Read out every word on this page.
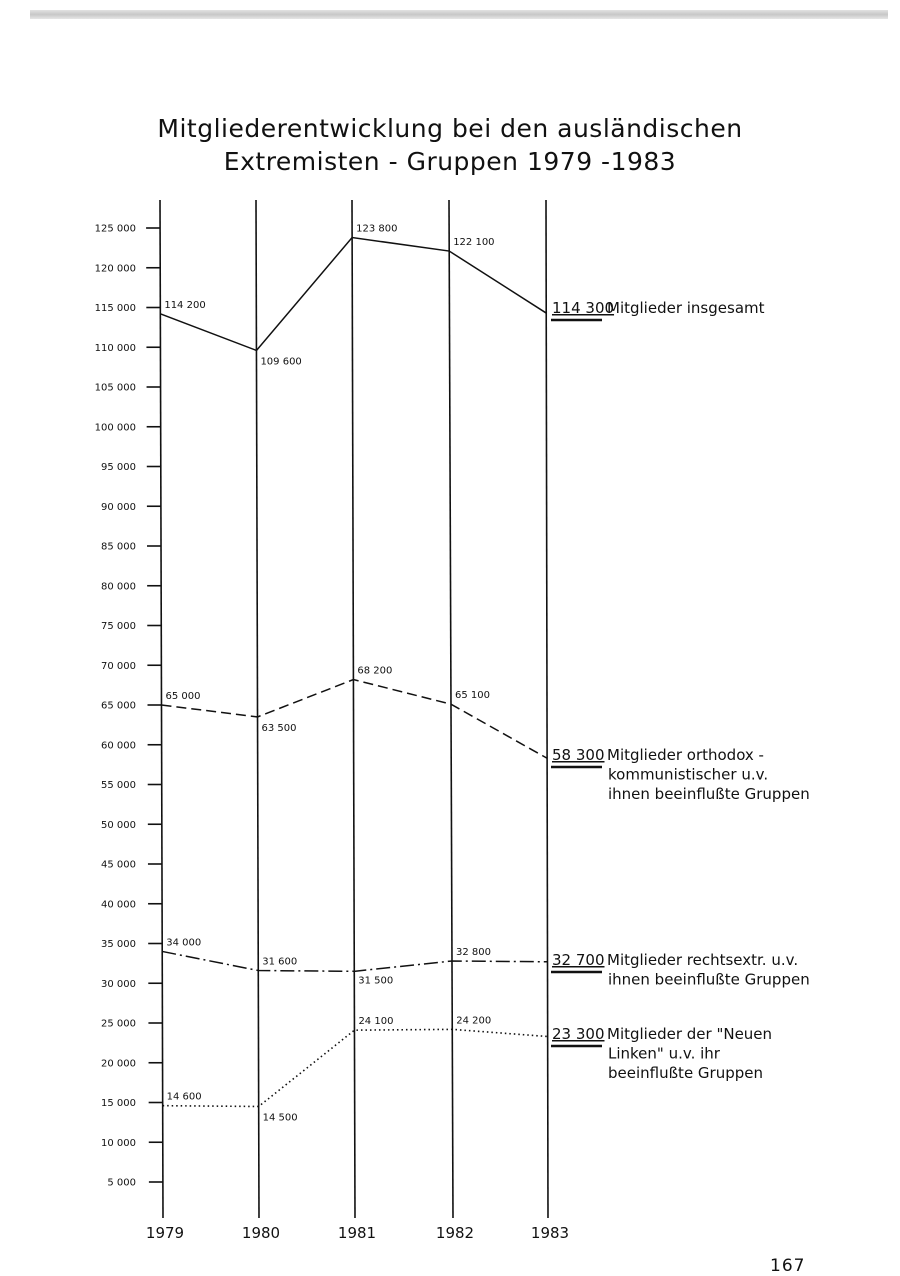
Mitgliederentwicklung bei den ausländischen
Extremisten - Gruppen 1979 -1983
125 000
120 000
115 000
110 000
105 000
100 000
95 000
90 000
85 000
80 000
75 000
70 000
65 000
60 000
55 000
50 000
45 000
40 000
35 000
30 000
25 000
20 000
15 000
10 000
5 000
1979	1980	1981	1982	1983
114 200
109 600
123 800
122 100
114 300
Mitglieder insgesamt
65 000
63 500
68 200
65 100
58 300 Mitglieder orthodox -
kommunistischer u.v.
ihnen beeinflußte Gruppen
34 000
31 600
31 500
32 800	32 700 Mitglieder rechtsextr. u.v.
ihnen beeinflußte Gruppen
14 600
14 500
24 100	24 200
23 300 Mitglieder der "Neuen
Linken" u.v. ihr
beeinflußte Gruppen
167
